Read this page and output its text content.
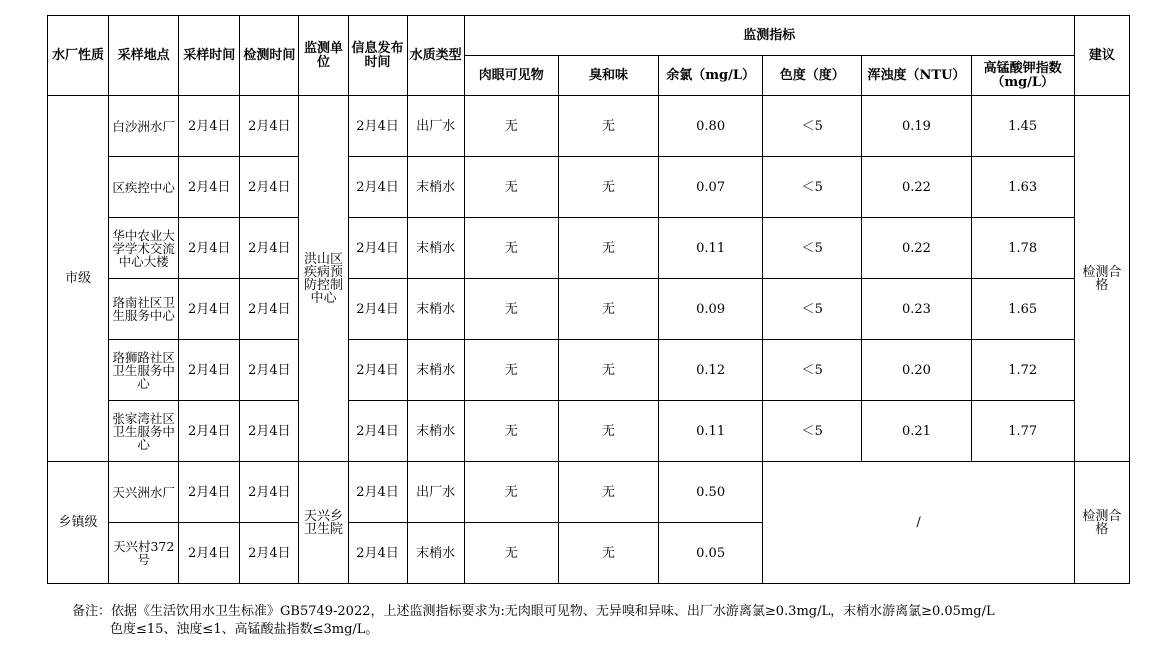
水厂性质	采样地点	采样时间	检测时间	监测单位	信息发布时间	水质类型	监测指标						建议
							肉眼可见物	臭和味	余氯（mg/L）	色度（度）	浑浊度（NTU）	高锰酸钾指数（mg/L）	
市级	白沙洲水厂	2月4日	2月4日	洪山区疾病预防控制中心	2月4日	出厂水	无	无	0.80	＜5	0.19	1.45	检测合格

	区疾控中心	2月4日	2月4日		2月4日	末梢水	无	无	0.07	＜5	0.22	1.63	

	华中农业大学学术交流中心大楼	2月4日	2月4日		2月4日	末梢水	无	无	0.11	＜5	0.22	1.78	

	珞南社区卫生服务中心	2月4日	2月4日		2月4日	末梢水	无	无	0.09	＜5	0.23	1.65	

	珞狮路社区卫生服务中心	2月4日	2月4日		2月4日	末梢水	无	无	0.12	＜5	0.20	1.72	

	张家湾社区卫生服务中心	2月4日	2月4日		2月4日	末梢水	无	无	0.11	＜5	0.21	1.77	
乡镇级	天兴洲水厂	2月4日	2月4日	天兴乡卫生院	2月4日	出厂水	无	无	0.50	/			检测合格

	天兴村372号	2月4日	2月4日		2月4日	末梢水	无	无	0.05				

备注：依据《生活饮用水卫生标准》GB5749-2022，上述监测指标要求为:无肉眼可见物、无异嗅和异味、出厂水游离氯≥0.3mg/L，末梢水游离氯≥0.05mg/L

色度≤15、浊度≤1、高锰酸盐指数≤3mg/L。
